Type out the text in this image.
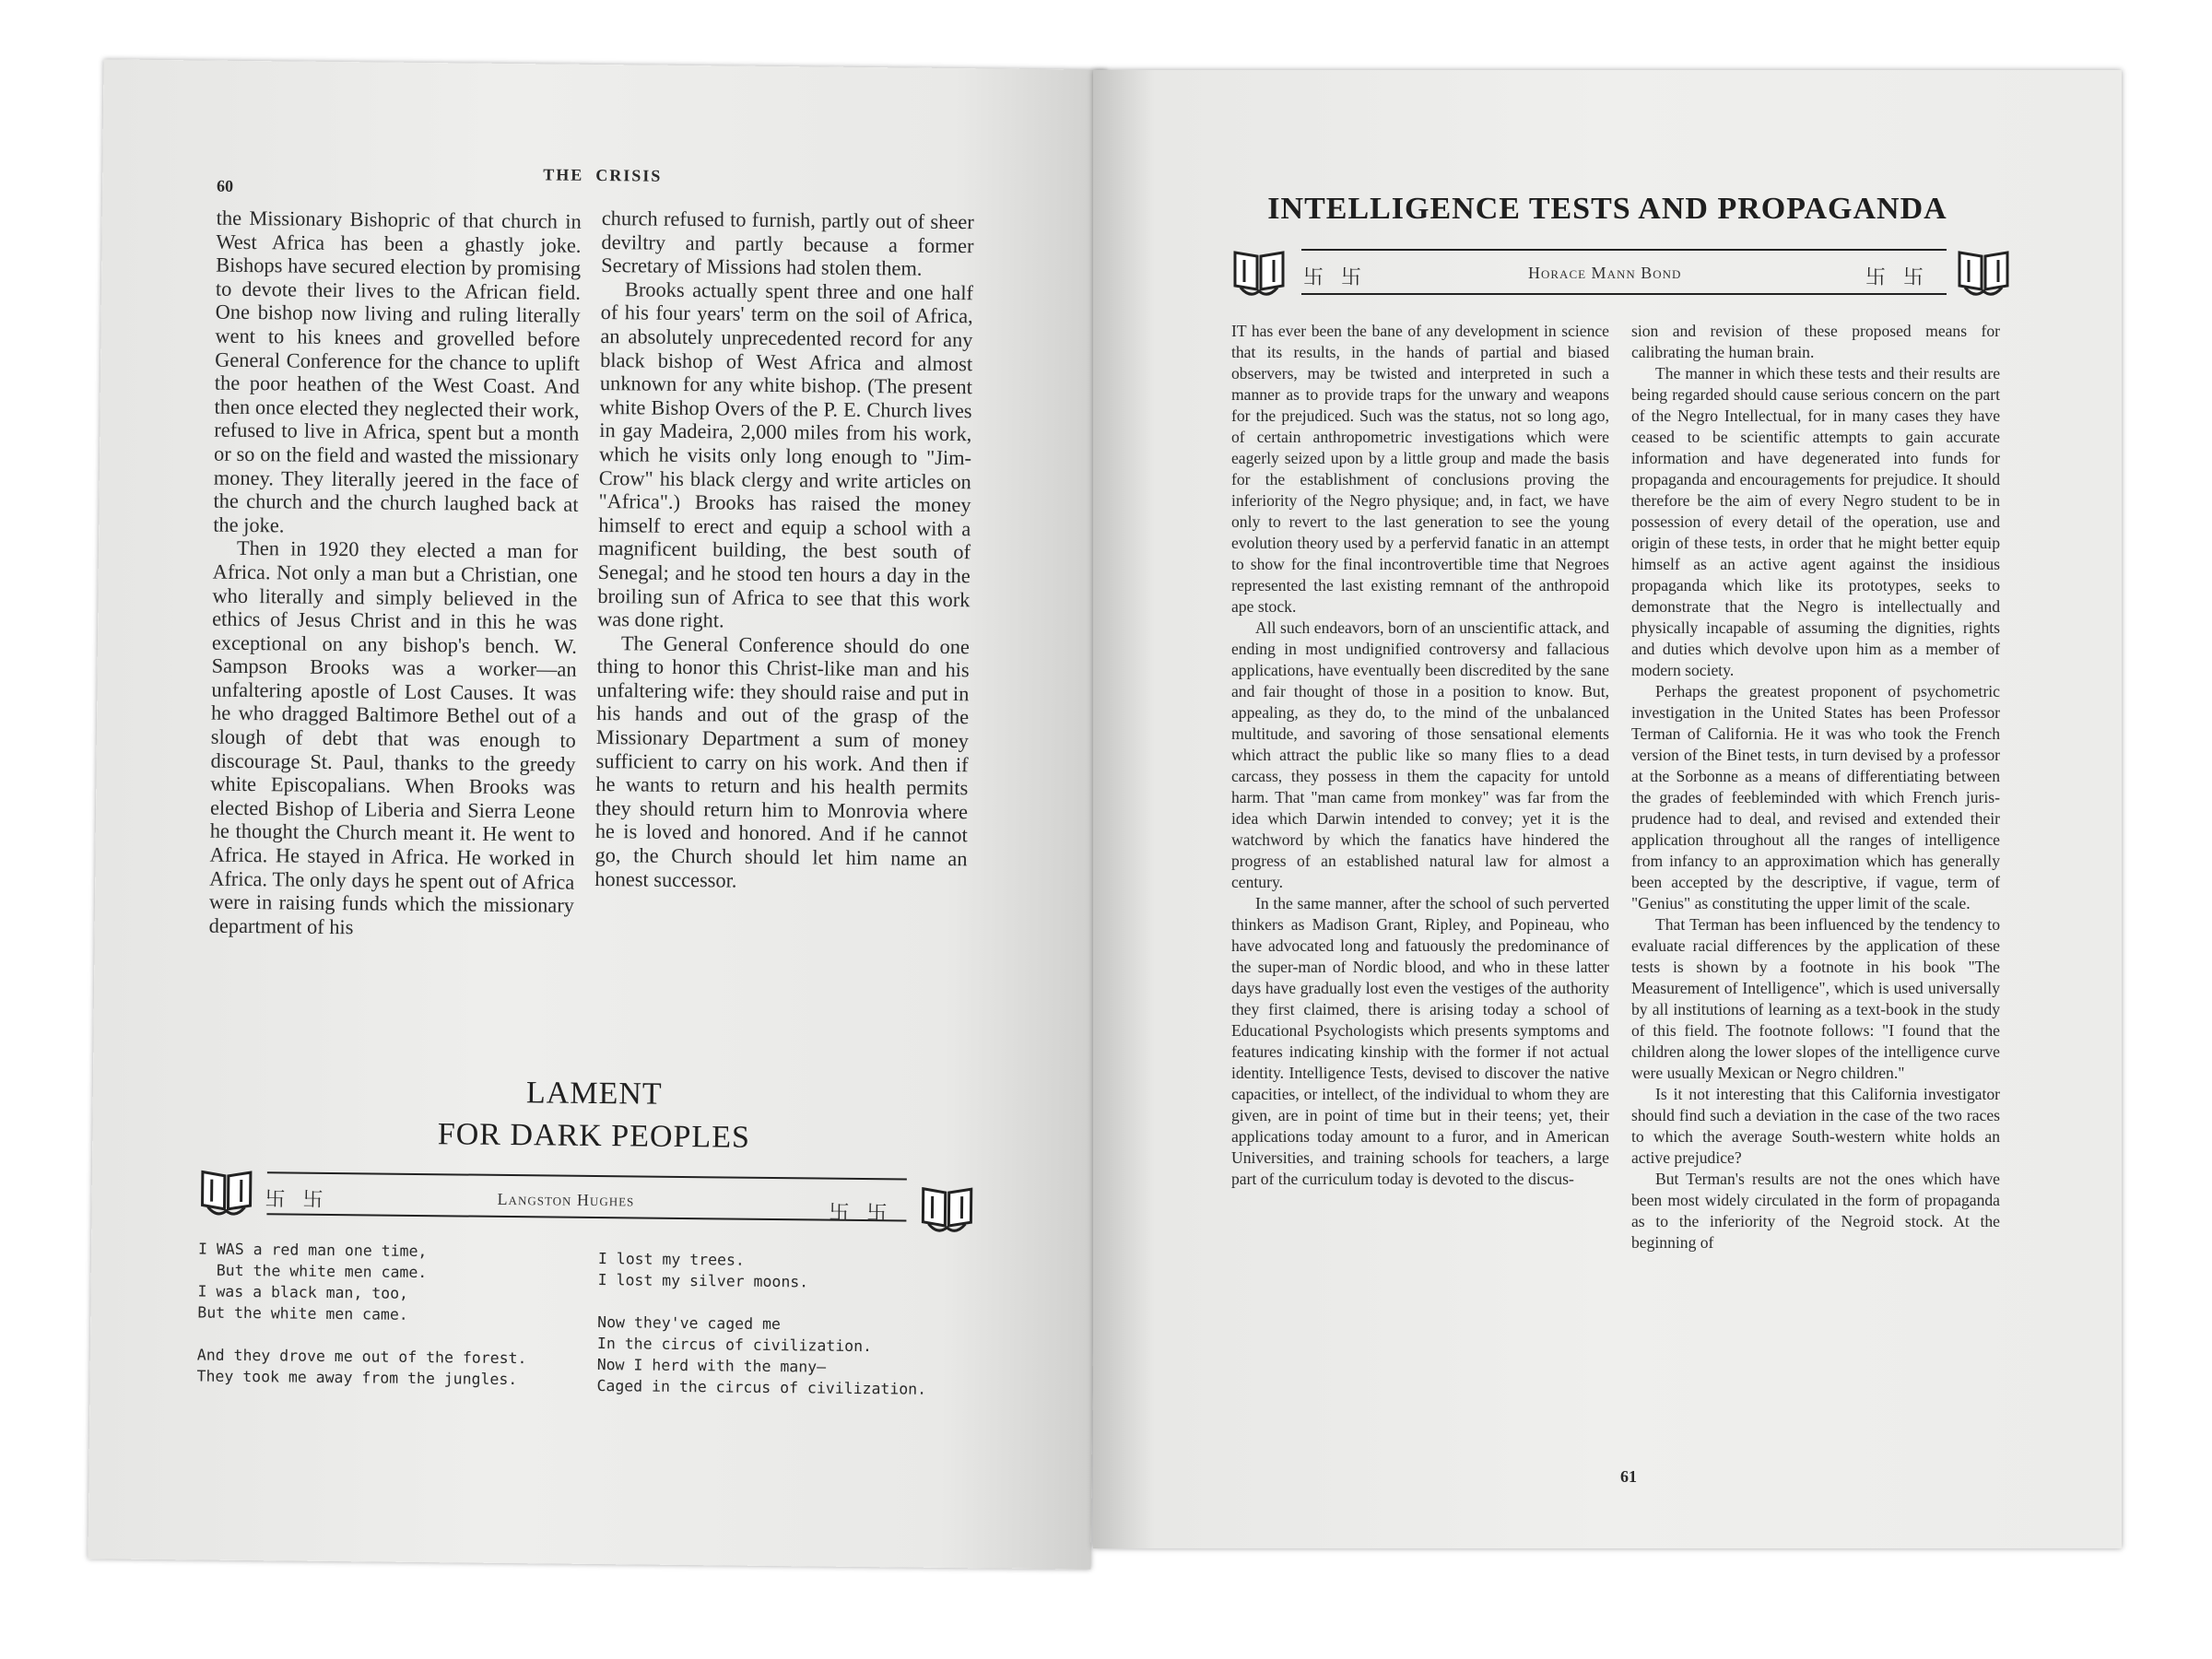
60
THE  CRISIS

the Missionary Bishopric of that church in West Africa has been a ghastly joke. Bishops have secured election by promising to devote their lives to the African field. One bishop now living and ruling literally went to his knees and grovelled before General Conference for the chance to uplift the poor heathen of the West Coast. And then once elected they neglected their work, refused to live in Africa, spent but a month or so on the field and wasted the missionary money. They literally jeered in the face of the church and the church laughed back at the joke.

Then in 1920 they elected a man for Africa. Not only a man but a Christian, one who literally and simply believed in the ethics of Jesus Christ and in this he was exceptional on any bishop's bench. W. Sampson Brooks was a worker—an unfaltering apostle of Lost Causes. It was he who dragged Baltimore Bethel out of a slough of debt that was enough to discourage St. Paul, thanks to the greedy white Episcopalians. When Brooks was elected Bishop of Liberia and Sierra Leone he thought the Church meant it. He went to Africa. He stayed in Africa. He worked in Africa. The only days he spent out of Africa were in raising funds which the missionary department of his

church refused to furnish, partly out of sheer deviltry and partly because a former Secretary of Missions had stolen them.

Brooks actually spent three and one half of his four years' term on the soil of Africa, an absolutely unprecedented record for any black bishop of West Africa and almost unknown for any white bishop. (The present white Bishop Overs of the P. E. Church lives in gay Madeira, 2,000 miles from his work, which he visits only long enough to "Jim-Crow" his black clergy and write articles on "Africa".) Brooks has raised the money himself to erect and equip a school with a magnificent building, the best south of Senegal; and he stood ten hours a day in the broiling sun of Africa to see that this work was done right.

The General Conference should do one thing to honor this Christ-like man and his unfaltering wife: they should raise and put in his hands and out of the grasp of the Missionary Department a sum of money sufficient to carry on his work. And then if he wants to return and his health permits they should return him to Monrovia where he is loved and honored. And if he cannot go, the Church should let him name an honest successor.

LAMENT
FOR DARK PEOPLES
卐 卐	Langston Hughes
卐 卐
I WAS a red man one time,
But the white men came.
I was a black man, too,
But the white men came.
And they drove me out of the forest.
They took me away from the jungles.
I lost my trees.
I lost my silver moons.
Now they've caged me
In the circus of civilization.
Now I herd with the many—
Caged in the circus of civilization.
INTELLIGENCE TESTS AND PROPAGANDA
卐 卐	Horace Mann Bond	卐 卐

IT has ever been the bane of any development in science that its results, in the hands of partial and biased observers, may be twisted and interpreted in such a manner as to provide traps for the unwary and weapons for the prejudiced. Such was the status, not so long ago, of certain anthropometric investigations which were eagerly seized upon by a little group and made the basis for the establishment of conclusions proving the inferiority of the Negro physique; and, in fact, we have only to revert to the last generation to see the young evolution theory used by a perfervid fanatic in an attempt to show for the final incontrovertible time that Negroes represented the last existing remnant of the anthropoid ape stock.

All such endeavors, born of an unscientific attack, and ending in most undignified controversy and fallacious applications, have eventually been discredited by the sane and fair thought of those in a position to know. But, appealing, as they do, to the mind of the unbalanced multitude, and savoring of those sensational elements which attract the public like so many flies to a dead carcass, they possess in them the capacity for untold harm. That "man came from monkey" was far from the idea which Darwin intended to convey; yet it is the watchword by which the fanatics have hindered the progress of an established natural law for almost a century.

In the same manner, after the school of such perverted thinkers as Madison Grant, Ripley, and Popineau, who have advocated long and fatuously the predominance of the super-man of Nordic blood, and who in these latter days have gradually lost even the vestiges of the authority they first claimed, there is arising today a school of Educational Psychologists which presents symptoms and features indicating kinship with the former if not actual identity. Intelligence Tests, devised to discover the native capacities, or intellect, of the individual to whom they are given, are in point of time but in their teens; yet, their applications today amount to a furor, and in American Universities, and training schools for teachers, a large part of the curriculum today is devoted to the discus-

sion and revision of these proposed means for calibrating the human brain.

The manner in which these tests and their results are being regarded should cause serious concern on the part of the Negro Intellectual, for in many cases they have ceased to be scientific attempts to gain accurate information and have degenerated into funds for propaganda and encouragements for prejudice. It should therefore be the aim of every Negro student to be in possession of every detail of the operation, use and origin of these tests, in order that he might better equip himself as an active agent against the insidious propaganda which like its prototypes, seeks to demonstrate that the Negro is intellectually and physically incapable of assuming the dignities, rights and duties which devolve upon him as a member of modern society.

Perhaps the greatest proponent of psychometric investigation in the United States has been Professor Terman of California. He it was who took the French version of the Binet tests, in turn devised by a professor at the Sorbonne as a means of differentiating between the grades of feebleminded with which French juris-prudence had to deal, and revised and extended their application throughout all the ranges of intelligence from infancy to an approximation which has generally been accepted by the descriptive, if vague, term of "Genius" as constituting the upper limit of the scale.

That Terman has been influenced by the tendency to evaluate racial differences by the application of these tests is shown by a footnote in his book "The Measurement of Intelligence", which is used universally by all institutions of learning as a text-book in the study of this field. The footnote follows: "I found that the children along the lower slopes of the intelligence curve were usually Mexican or Negro children."

Is it not interesting that this California investigator should find such a deviation in the case of the two races to which the average South-western white holds an active prejudice?

But Terman's results are not the ones which have been most widely circulated in the form of propaganda as to the inferiority of the Negroid stock. At the beginning of

61
